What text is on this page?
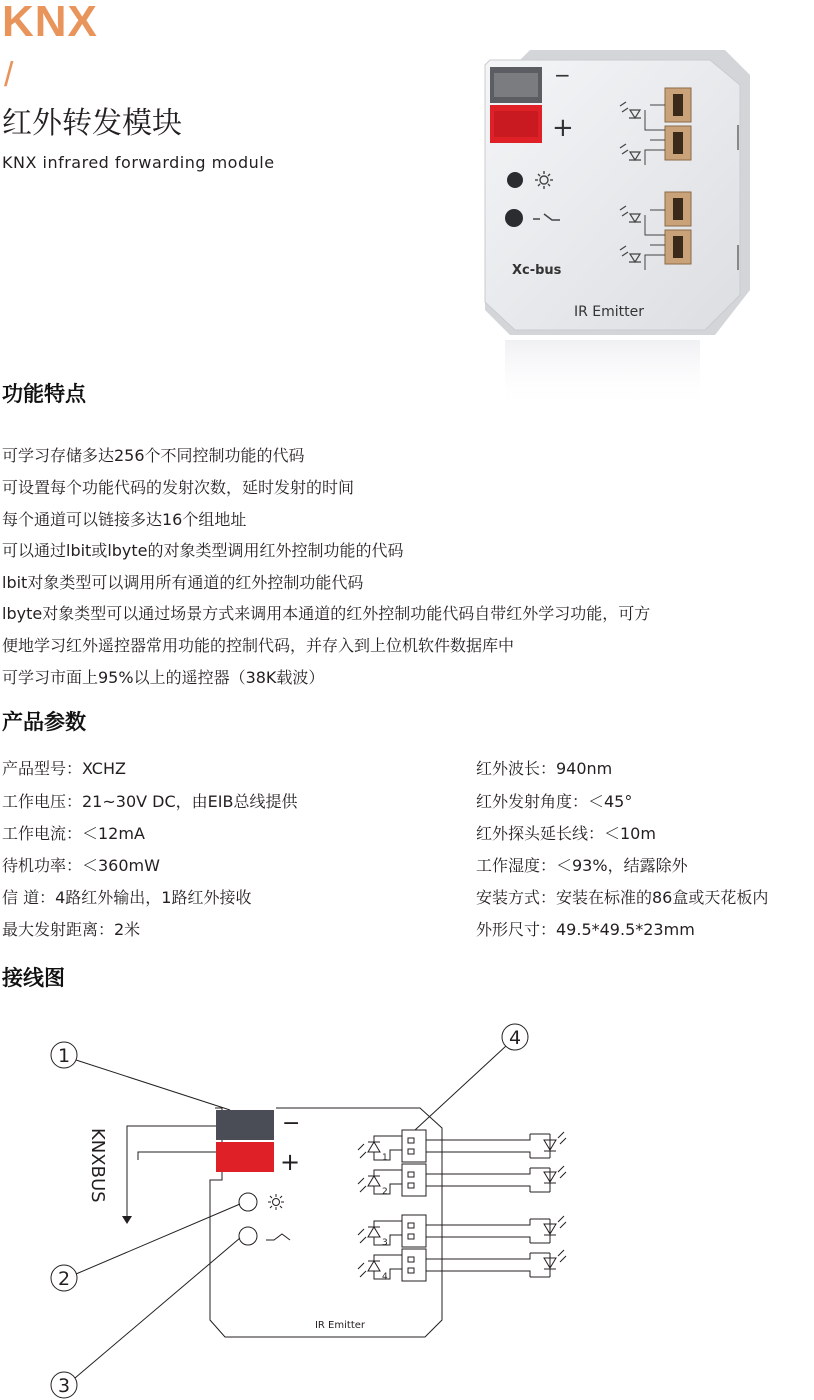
KNX
/
红外转发模块
KNX infrared forwarding module
−
+
Xc-bus
IR Emitter
功能特点
可学习存储多达256个不同控制功能的代码
可设置每个功能代码的发射次数，延时发射的时间
每个通道可以链接多达16个组地址
可以通过lbit或lbyte的对象类型调用红外控制功能的代码
lbit对象类型可以调用所有通道的红外控制功能代码
lbyte对象类型可以通过场景方式来调用本通道的红外控制功能代码自带红外学习功能，可方
便地学习红外遥控器常用功能的控制代码，并存入到上位机软件数据库中
可学习市面上95%以上的遥控器（38K载波）
产品参数
产品型号：XCHZ
工作电压：21~30V DC，由EIB总线提供
工作电流：＜12mA
待机功率：＜360mW
信 道：4路红外输出，1路红外接收
最大发射距离：2米
红外波长：940nm
红外发射角度：＜45°
红外探头延长线：＜10m
工作湿度：＜93%，结露除外
安装方式：安装在标准的86盒或天花板内
外形尺寸：49.5*49.5*23mm
接线图
−
+
1
2
3
4
1
2
3
4
IR Emitter
KNXBUS
